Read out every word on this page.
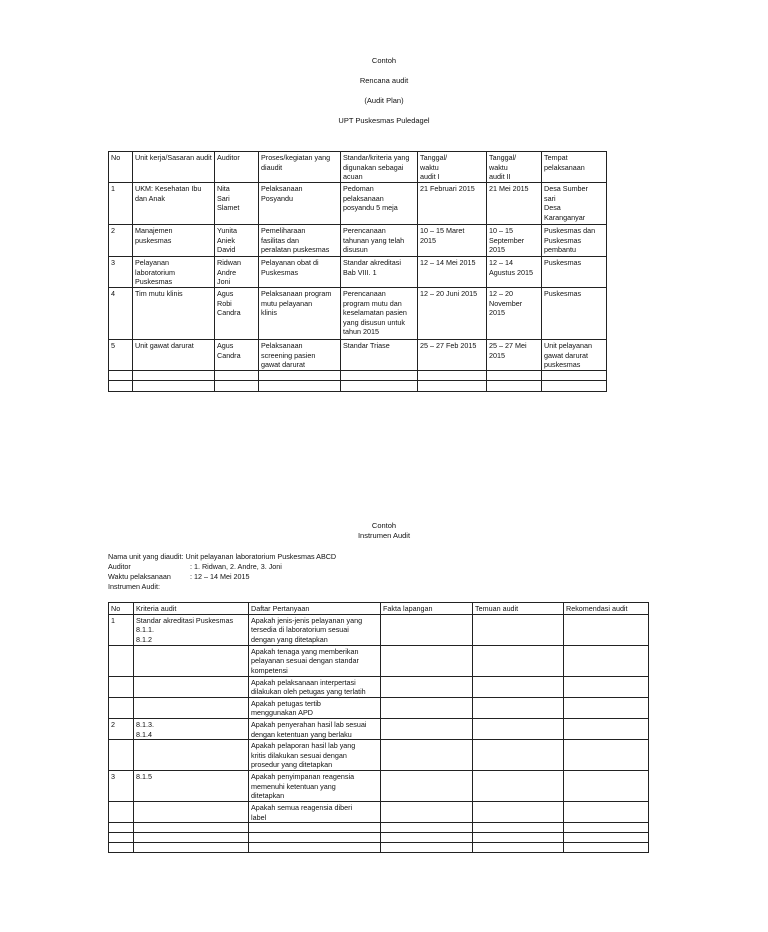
Contoh
Rencana audit
(Audit Plan)
UPT Puskesmas Puledagel
No	Unit kerja/Sasaran audit	Auditor	Proses/kegiatan yang diaudit	Standar/kriteria yang digunakan sebagai acuan	Tanggal/
waktu
audit I	Tanggal/
waktu
audit II	Tempat
pelaksanaan
1	UKM: Kesehatan Ibu
dan Anak	Nita
Sari
Slamet	Pelaksanaan
Posyandu	Pedoman
pelaksanaan
posyandu 5 meja	21 Februari 2015	21 Mei 2015	Desa Sumber
sari
Desa
Karanganyar
2	Manajemen
puskesmas	Yunita
Aniek
David	Pemeliharaan
fasilitas dan
peralatan puskesmas	Perencanaan
tahunan yang telah
disusun	10 – 15 Maret
2015	10 – 15
September
2015	Puskesmas dan
Puskesmas
pembantu
3	Pelayanan
laboratorium
Puskesmas	Ridwan
Andre
Joni	Pelayanan obat di
Puskesmas	Standar akreditasi
Bab VIII. 1	12 – 14 Mei 2015	12 – 14
Agustus 2015	Puskesmas
4	Tim mutu klinis	Agus
Robi
Candra	Pelaksanaan program
mutu pelayanan
klinis	Perencanaan
program mutu dan
keselamatan pasien
yang disusun untuk
tahun 2015	12 – 20 Juni 2015	12 – 20
November
2015	Puskesmas
5	Unit gawat darurat	Agus
Candra	Pelaksanaan
screening pasien
gawat darurat	Standar Triase	25 – 27 Feb 2015	25 – 27 Mei
2015	Unit pelayanan
gawat darurat
puskesmas

Contoh
Instrumen Audit
Nama unit yang diaudit: Unit pelayanan laboratorium Puskesmas ABCD
Auditor	: 1. Ridwan, 2. Andre, 3. Joni
Waktu pelaksanaan	: 12 – 14 Mei 2015
Instrumen Audit:
No	Kriteria audit	Daftar Pertanyaan	Fakta lapangan	Temuan audit	Rekomendasi audit
1	Standar akreditasi Puskesmas
8.1.1.
8.1.2	Apakah jenis-jenis pelayanan yang
tersedia di laboratorium sesuai
dengan yang ditetapkan			
		Apakah tenaga yang memberikan
pelayanan sesuai dengan standar
kompetensi			
		Apakah pelaksanaan interpertasi
dilakukan oleh petugas yang terlatih			
		Apakah petugas tertib
menggunakan APD			
2	8.1.3.
8.1.4	Apakah penyerahan hasil lab sesuai
dengan ketentuan yang berlaku			
		Apakah pelaporan hasil lab yang
kritis dilakukan sesuai dengan
prosedur yang ditetapkan			
3	8.1.5	Apakah penyimpanan reagensia
memenuhi ketentuan yang
ditetapkan			
		Apakah semua reagensia diberi
label			
